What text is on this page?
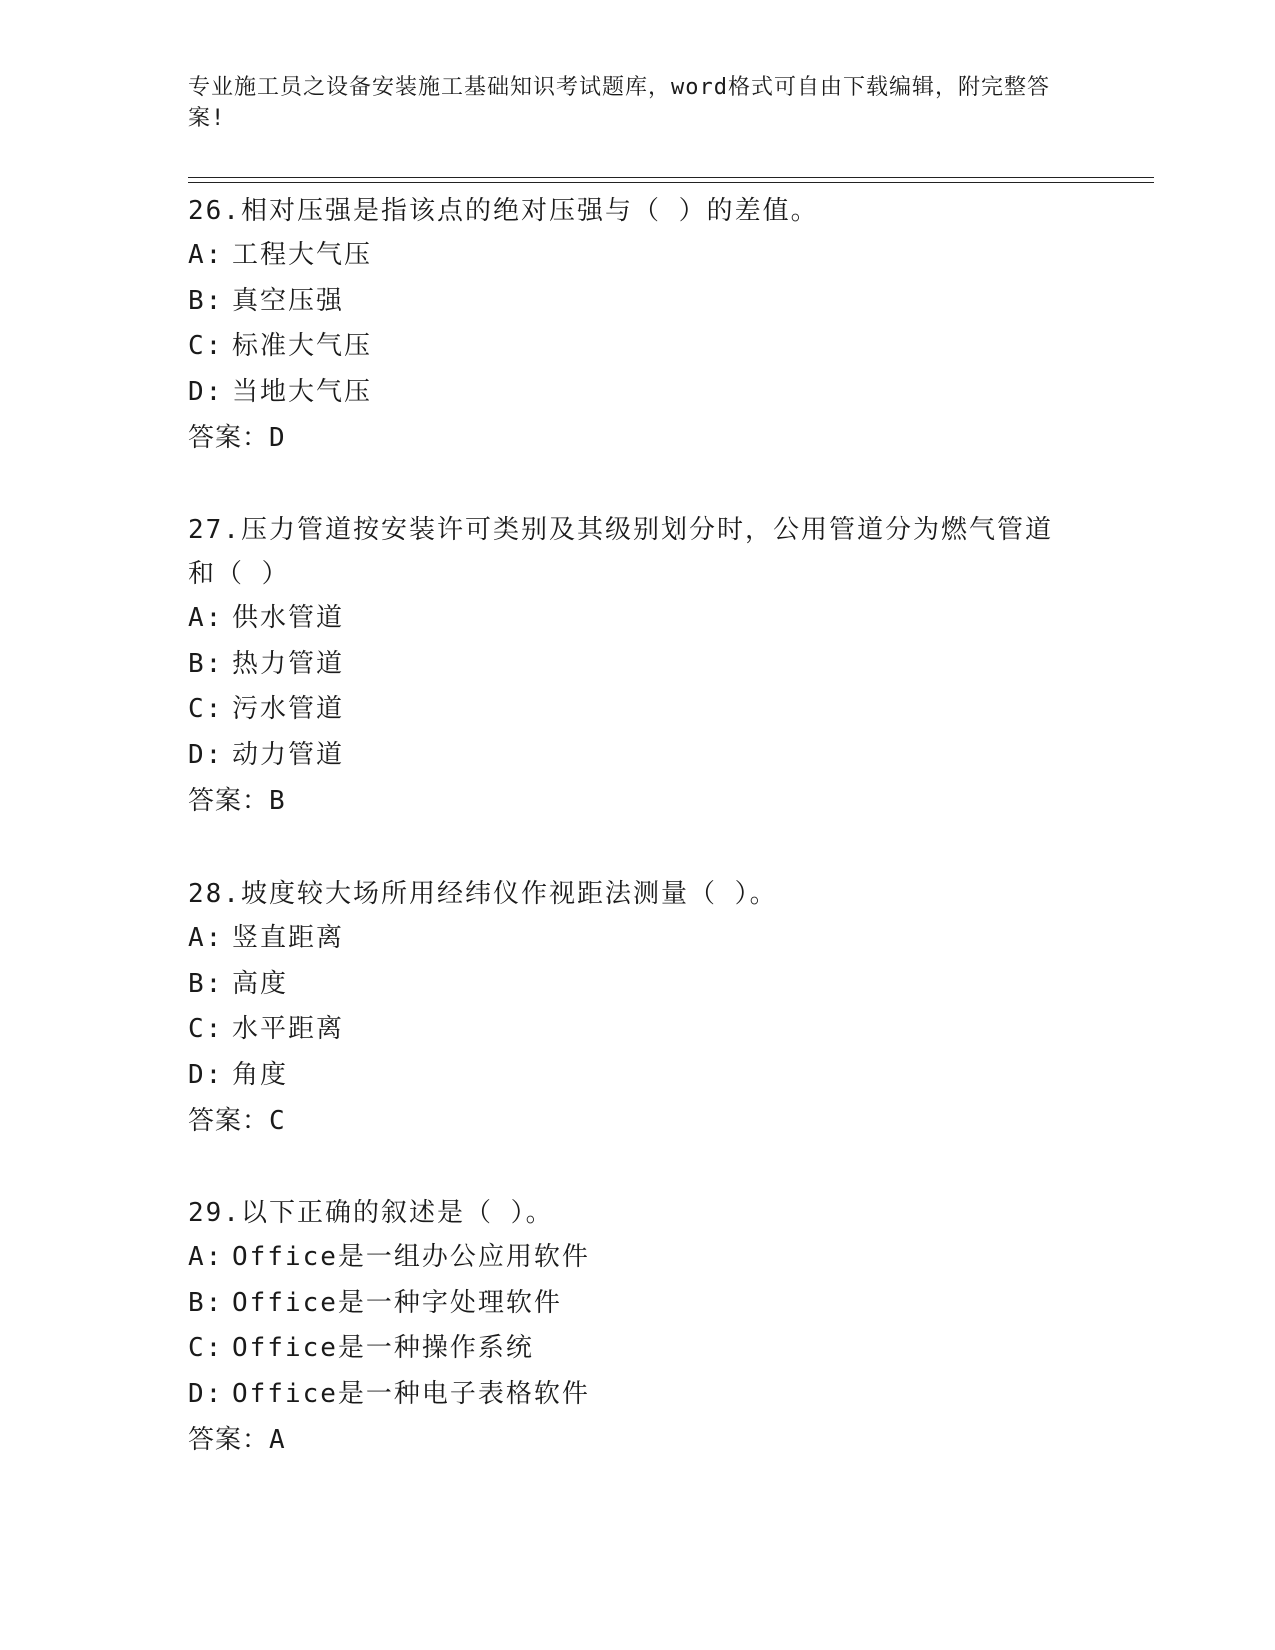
专业施工员之设备安装施工基础知识考试题库，word格式可自由下载编辑，附完整答案!
26.相对压强是指该点的绝对压强与（ ）的差值。
A: 工程大气压
B: 真空压强
C: 标准大气压
D: 当地大气压
答案：D
27.压力管道按安装许可类别及其级别划分时，公用管道分为燃气管道和（ ）
A: 供水管道
B: 热力管道
C: 污水管道
D: 动力管道
答案：B
28.坡度较大场所用经纬仪作视距法测量（ ）。
A: 竖直距离
B: 高度
C: 水平距离
D: 角度
答案：C
29.以下正确的叙述是（ ）。
A: Office是一组办公应用软件
B: Office是一种字处理软件
C: Office是一种操作系统
D: Office是一种电子表格软件
答案：A
